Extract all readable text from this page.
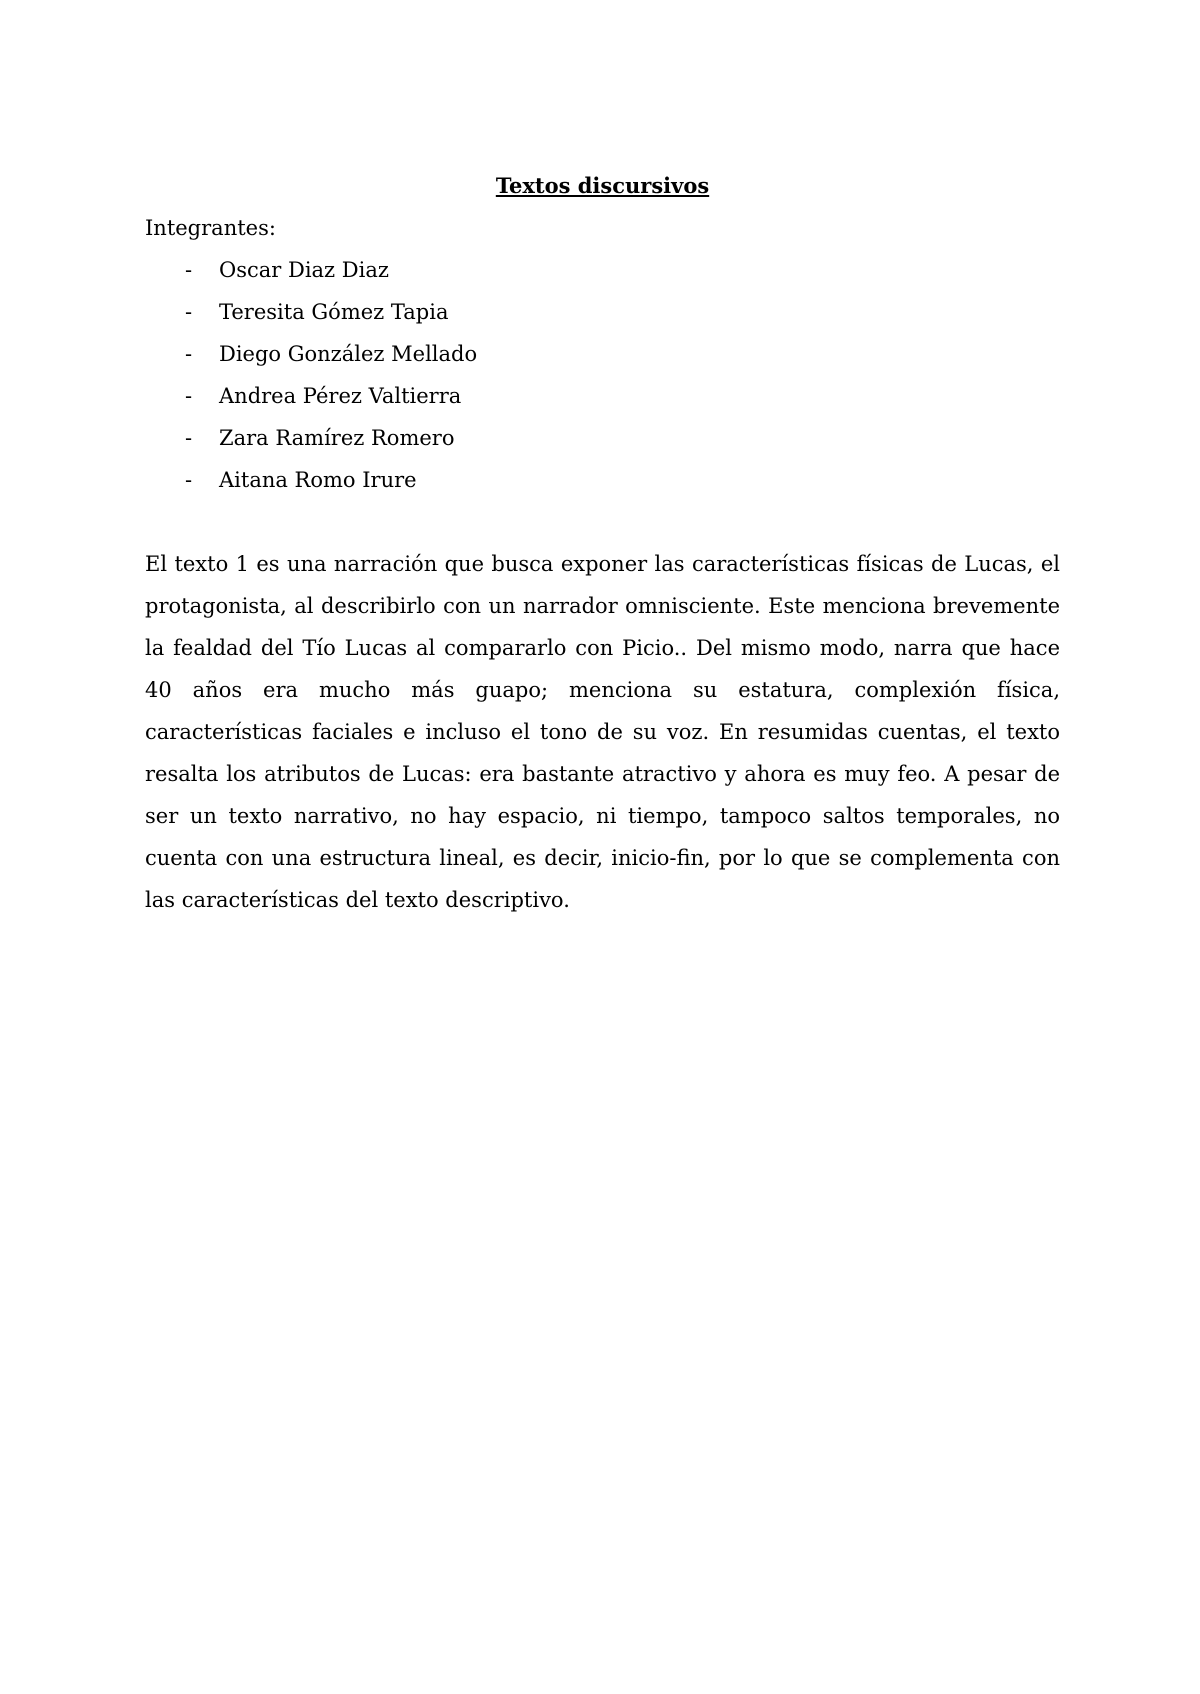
Textos discursivos

Integrantes:

- Oscar Diaz Diaz
- Teresita Gómez Tapia
- Diego González Mellado
- Andrea Pérez Valtierra
- Zara Ramírez Romero
- Aitana Romo Irure

El texto 1 es una narración que busca exponer las características físicas de Lucas, el protagonista, al describirlo con un narrador omnisciente. Este menciona brevemente la fealdad del Tío Lucas al compararlo con Picio.. Del mismo modo, narra que hace 40 años era mucho más guapo; menciona su estatura, complexión física, características faciales e incluso el tono de su voz. En resumidas cuentas, el texto resalta los atributos de Lucas: era bastante atractivo y ahora es muy feo. A pesar de ser un texto narrativo, no hay espacio, ni tiempo, tampoco saltos temporales, no cuenta con una estructura lineal, es decir, inicio-fin, por lo que se complementa con las características del texto descriptivo.
